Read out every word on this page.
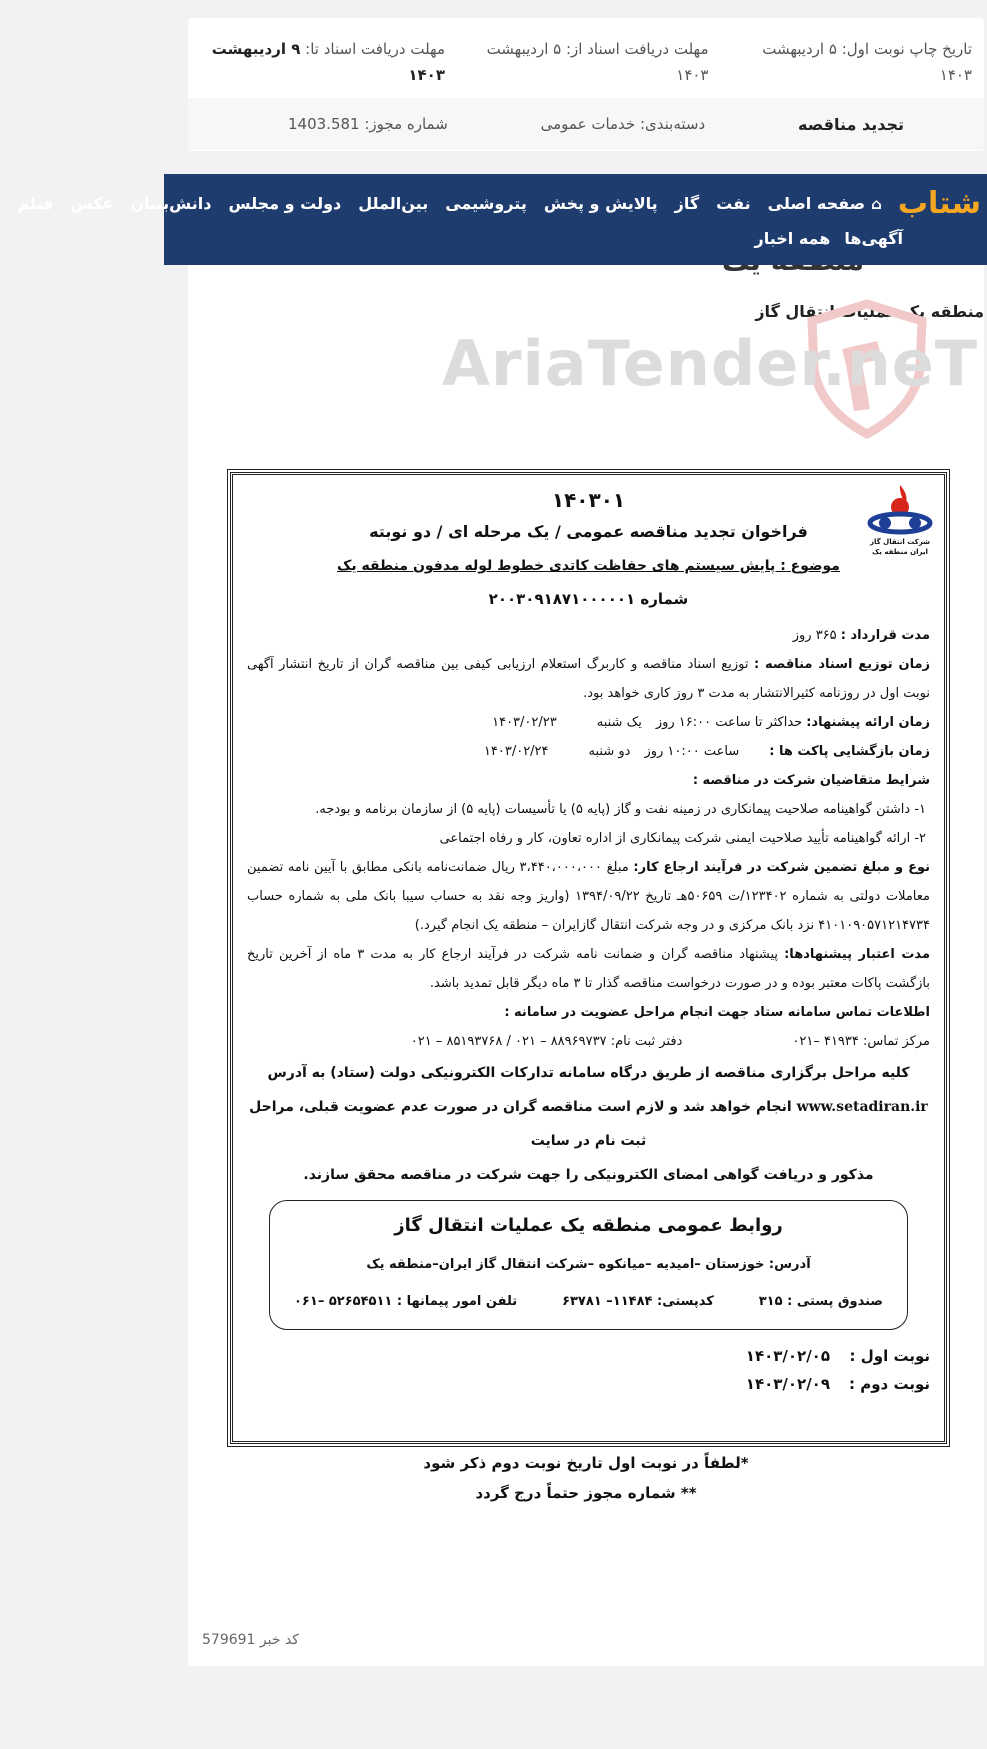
تاریخ چاپ نوبت اول: ۵ اردیبهشت ۱۴۰۳
مهلت دریافت اسناد از: ۵ اردیبهشت ۱۴۰۳
مهلت دریافت اسناد تا: ۹ اردیبهشت ۱۴۰۳
تجدید مناقصه
دسته‌بندی: خدمات عمومی
شماره مجوز: 1403.581
شتاب
⌂صفحه اصلی
نفت
گاز
پالایش و پخش
پتروشیمی
بین‌الملل
دولت و مجلس
دانش‌بنیان
عکس
فیلم
آگهی‌ها
همه اخبار
منطقه یک عملیات انتقال گاز
AriaTender.neT
شرکت انتقال گاز ایران منطقه یک
۱۴۰۳۰۱
فراخوان تجدید مناقصه عمومی / یک مرحله ای / دو نوبته
موضوع : پایش سیستم های حفاظت کاتدی خطوط لوله مدفون منطقه یک
شماره ۲۰۰۳۰۹۱۸۷۱۰۰۰۰۰۱
مدت قرارداد : ۳۶۵ روز
زمان توزیع اسناد مناقصه : توزیع اسناد مناقصه و کاربرگ استعلام ارزیابی کیفی بین مناقصه گران از تاریخ انتشار آگهی نوبت اول در روزنامه کثیرالانتشار به مدت ۳ روز کاری خواهد بود.
زمان ارائه پیشنهاد:
حداکثر تا ساعت ۱۶:۰۰ روز
یک شنبه
۱۴۰۳/۰۲/۲۳
زمان بازگشایی پاکت ها :
ساعت ۱۰:۰۰ روز
دو شنبه
۱۴۰۳/۰۲/۲۴
شرایط متقاضیان شرکت در مناقصه :
۱- داشتن گواهینامه صلاحیت پیمانکاری در زمینه نفت و گاز (پایه ۵) یا تأسیسات (پایه ۵) از سازمان برنامه و بودجه.
۲- ارائه گواهینامه تأیید صلاحیت ایمنی شرکت پیمانکاری از اداره تعاون، کار و رفاه اجتماعی
نوع و مبلغ تضمین شرکت در فرآیند ارجاع کار: مبلغ ۳،۴۴۰،۰۰۰،۰۰۰ ریال ضمانت‌نامه بانکی مطابق با آیین نامه تضمین معاملات دولتی به شماره ۱۲۳۴۰۲/ت ۵۰۶۵۹هـ تاریخ ۱۳۹۴/۰۹/۲۲ (واریز وجه نقد به حساب سیبا بانک ملی به شماره حساب ۴۱۰۱۰۹۰۵۷۱۲۱۴۷۳۴ نزد بانک مرکزی و در وجه شرکت انتقال گازایران – منطقه یک انجام گیرد.)
مدت اعتبار پیشنهادها: پیشنهاد مناقصه گران و ضمانت نامه شرکت در فرآیند ارجاع کار به مدت ۳ ماه از آخرین تاریخ بازگشت پاکات معتبر بوده و در صورت درخواست مناقصه گذار تا ۳ ماه دیگر قابل تمدید باشد.
اطلاعات تماس سامانه ستاد جهت انجام مراحل عضویت در سامانه :
مرکز تماس: ۴۱۹۳۴ –۰۲۱
دفتر ثبت نام: ۸۸۹۶۹۷۳۷ – ۰۲۱ / ۸۵۱۹۳۷۶۸ – ۰۲۱
کلیه مراحل برگزاری مناقصه از طریق درگاه سامانه تدارکات الکترونیکی دولت (ستاد) به آدرس
www.setadiran.ir انجام خواهد شد و لازم است مناقصه گران در صورت عدم عضویت قبلی، مراحل ثبت نام در سایت
مذکور و دریافت گواهی امضای الکترونیکی را جهت شرکت در مناقصه محقق سازند.
روابط عمومی منطقه یک عملیات انتقال گاز
آدرس: خوزستان –امیدیه –میانکوه –شرکت انتقال گاز ایران–منطقه یک
صندوق پستی : ۳۱۵
کدپستی: ۱۱۴۸۴– ۶۳۷۸۱
تلفن امور پیمانها : ۵۲۶۵۴۵۱۱ –۰۶۱
نوبت اول :
۱۴۰۳/۰۲/۰۵
نوبت دوم :
۱۴۰۳/۰۲/۰۹
*لطفاً در نوبت اول تاریخ نوبت دوم ذکر شود
** شماره مجوز حتماً درج گردد
کد خبر 579691
